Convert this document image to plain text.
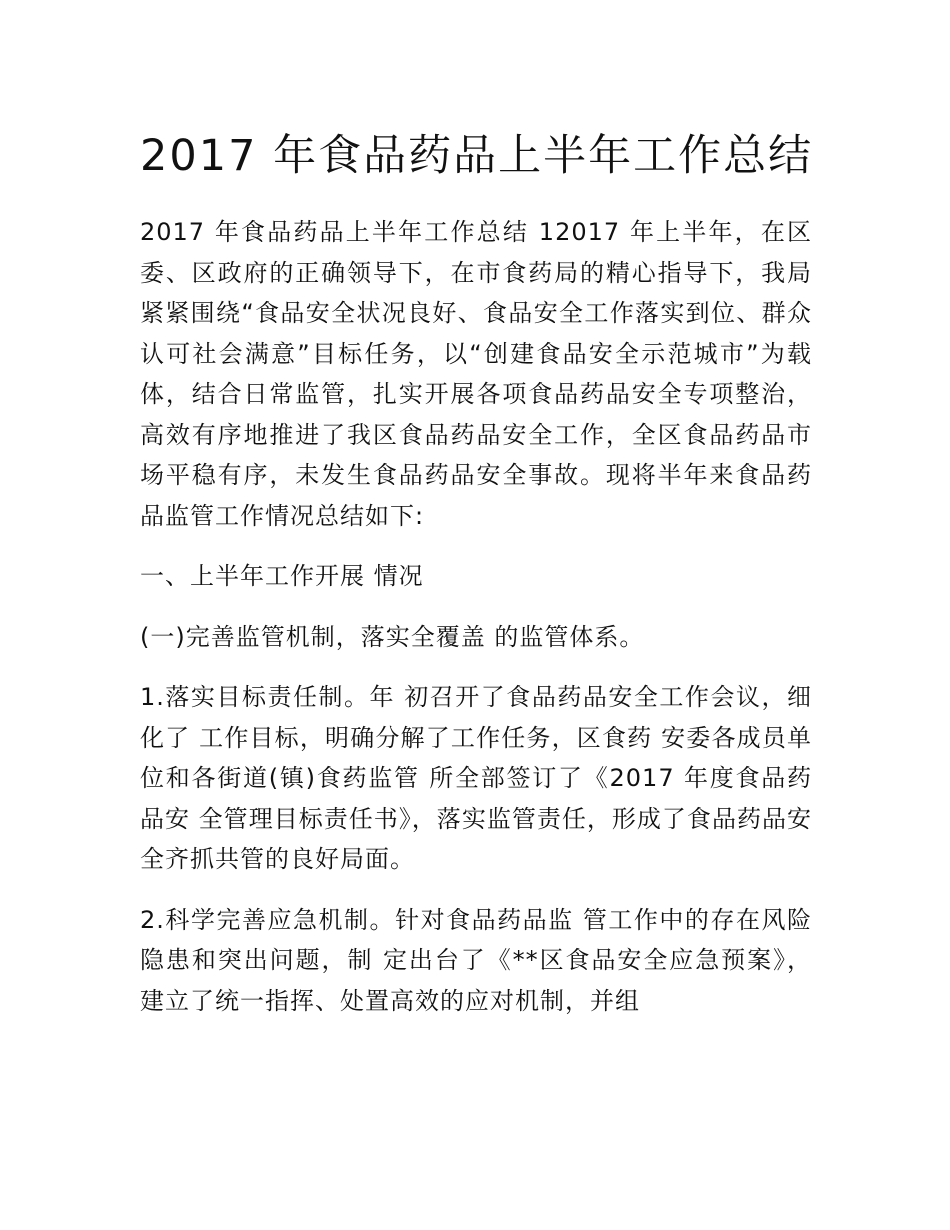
2017 年食品药品上半年工作总结

2017 年食品药品上半年工作总结 12017 年上半年，在区委、区政府的正确领导下，在市食药局的精心指导下，我局紧紧围绕“食品安全状况良好、食品安全工作落实到位、群众认可社会满意”目标任务，以“创建食品安全示范城市”为载体，结合日常监管，扎实开展各项食品药品安全专项整治，高效有序地推进了我区食品药品安全工作，全区食品药品市场平稳有序，未发生食品药品安全事故。现将半年来食品药品监管工作情况总结如下:

一、上半年工作开展 情况

(一)完善监管机制，落实全覆盖 的监管体系。

1.落实目标责任制。年 初召开了食品药品安全工作会议，细化了 工作目标，明确分解了工作任务，区食药 安委各成员单位和各街道(镇)食药监管 所全部签订了《2017 年度食品药品安 全管理目标责任书》，落实监管责任，形成了食品药品安全齐抓共管的良好局面。

2.科学完善应急机制。针对食品药品监 管工作中的存在风险隐患和突出问题，制 定出台了《**区食品安全应急预案》，建立了统一指挥、处置高效的应对机制，并组
